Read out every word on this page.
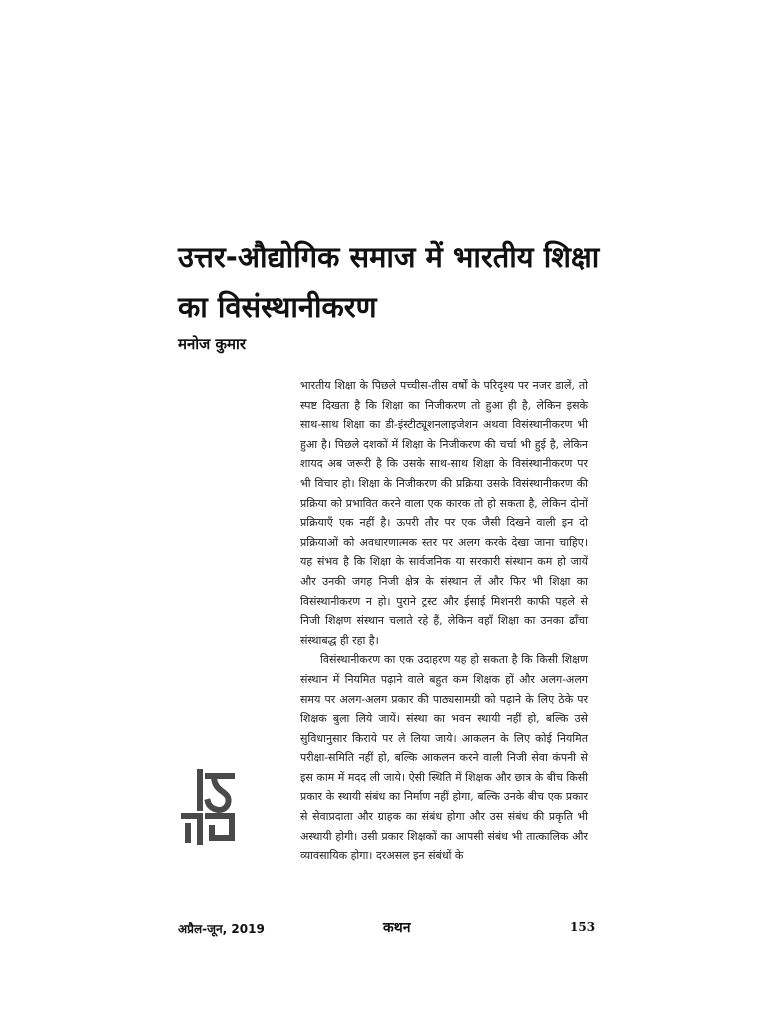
उत्तर-औद्योगिक समाज में भारतीय शिक्षा का विसंस्थानीकरण
मनोज कुमार

भारतीय शिक्षा के पिछले पच्चीस-तीस वर्षों के परिदृश्य पर नजर डालें, तो स्पष्ट दिखता है कि शिक्षा का निजीकरण तो हुआ ही है, लेकिन इसके साथ-साथ शिक्षा का डी-इंस्टीट्यूशनलाइजेशन अथवा विसंस्थानीकरण भी हुआ है। पिछले दशकों में शिक्षा के निजीकरण की चर्चा भी हुई है, लेकिन शायद अब जरूरी है कि उसके साथ-साथ शिक्षा के विसंस्थानीकरण पर भी विचार हो। शिक्षा के निजीकरण की प्रक्रिया उसके विसंस्थानीकरण की प्रक्रिया को प्रभावित करने वाला एक कारक तो हो सकता है, लेकिन दोनों प्रक्रियाएँ एक नहीं है। ऊपरी तौर पर एक जैसी दिखने वाली इन दो प्रक्रियाओं को अवधारणात्मक स्तर पर अलग करके देखा जाना चाहिए। यह संभव है कि शिक्षा के सार्वजनिक या सरकारी संस्थान कम हो जायें और उनकी जगह निजी क्षेत्र के संस्थान लें और फिर भी शिक्षा का विसंस्थानीकरण न हो। पुराने ट्रस्ट और ईसाई मिशनरी काफी पहले से निजी शिक्षण संस्थान चलाते रहे हैं, लेकिन वहाँ शिक्षा का उनका ढाँचा संस्थाबद्ध ही रहा है।

विसंस्थानीकरण का एक उदाहरण यह हो सकता है कि किसी शिक्षण संस्थान में नियमित पढ़ाने वाले बहुत कम शिक्षक हों और अलग-अलग समय पर अलग-अलग प्रकार की पाठ्यसामग्री को पढ़ाने के लिए ठेके पर शिक्षक बुला लिये जायें। संस्था का भवन स्थायी नहीं हो, बल्कि उसे सुविधानुसार किराये पर ले लिया जाये। आकलन के लिए कोई नियमित परीक्षा-समिति नहीं हो, बल्कि आकलन करने वाली निजी सेवा कंपनी से इस काम में मदद ली जाये। ऐसी स्थिति में शिक्षक और छात्र के बीच किसी प्रकार के स्थायी संबंध का निर्माण नहीं होगा, बल्कि उनके बीच एक प्रकार से सेवाप्रदाता और ग्राहक का संबंध होगा और उस संबंध की प्रकृति भी अस्थायी होगी। उसी प्रकार शिक्षकों का आपसी संबंध भी तात्कालिक और व्यावसायिक होगा। दरअसल इन संबंधों के

अप्रैल-जून, 2019	कथन	153
